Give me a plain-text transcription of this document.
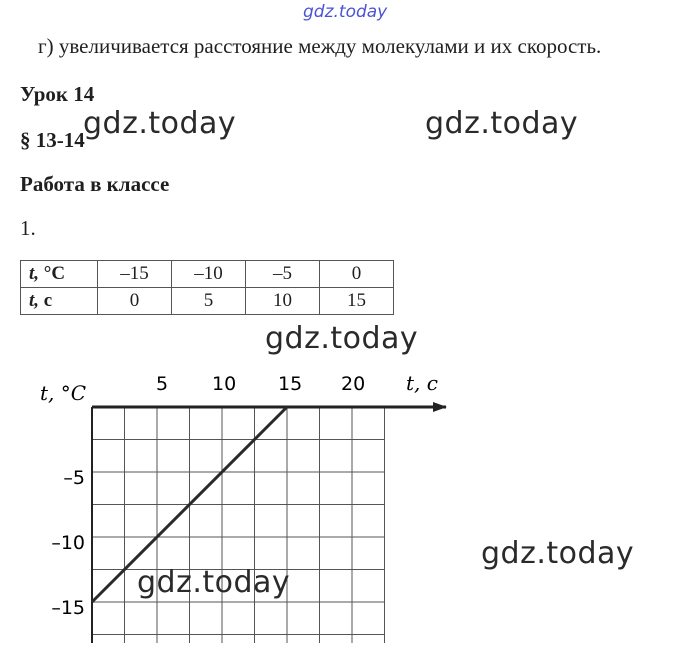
gdz.today
г) увеличивается расстояние между молекулами и их скорость.
Урок 14
§ 13-14
Работа в классе
1.
t, °C	–15	–10	–5	0
t, с	0	5	10	15
5 10 15 20
–5
–10
–15
t, c
t, °C
gdz.today	gdz.today
gdz.today
gdz.today
gdz.today
